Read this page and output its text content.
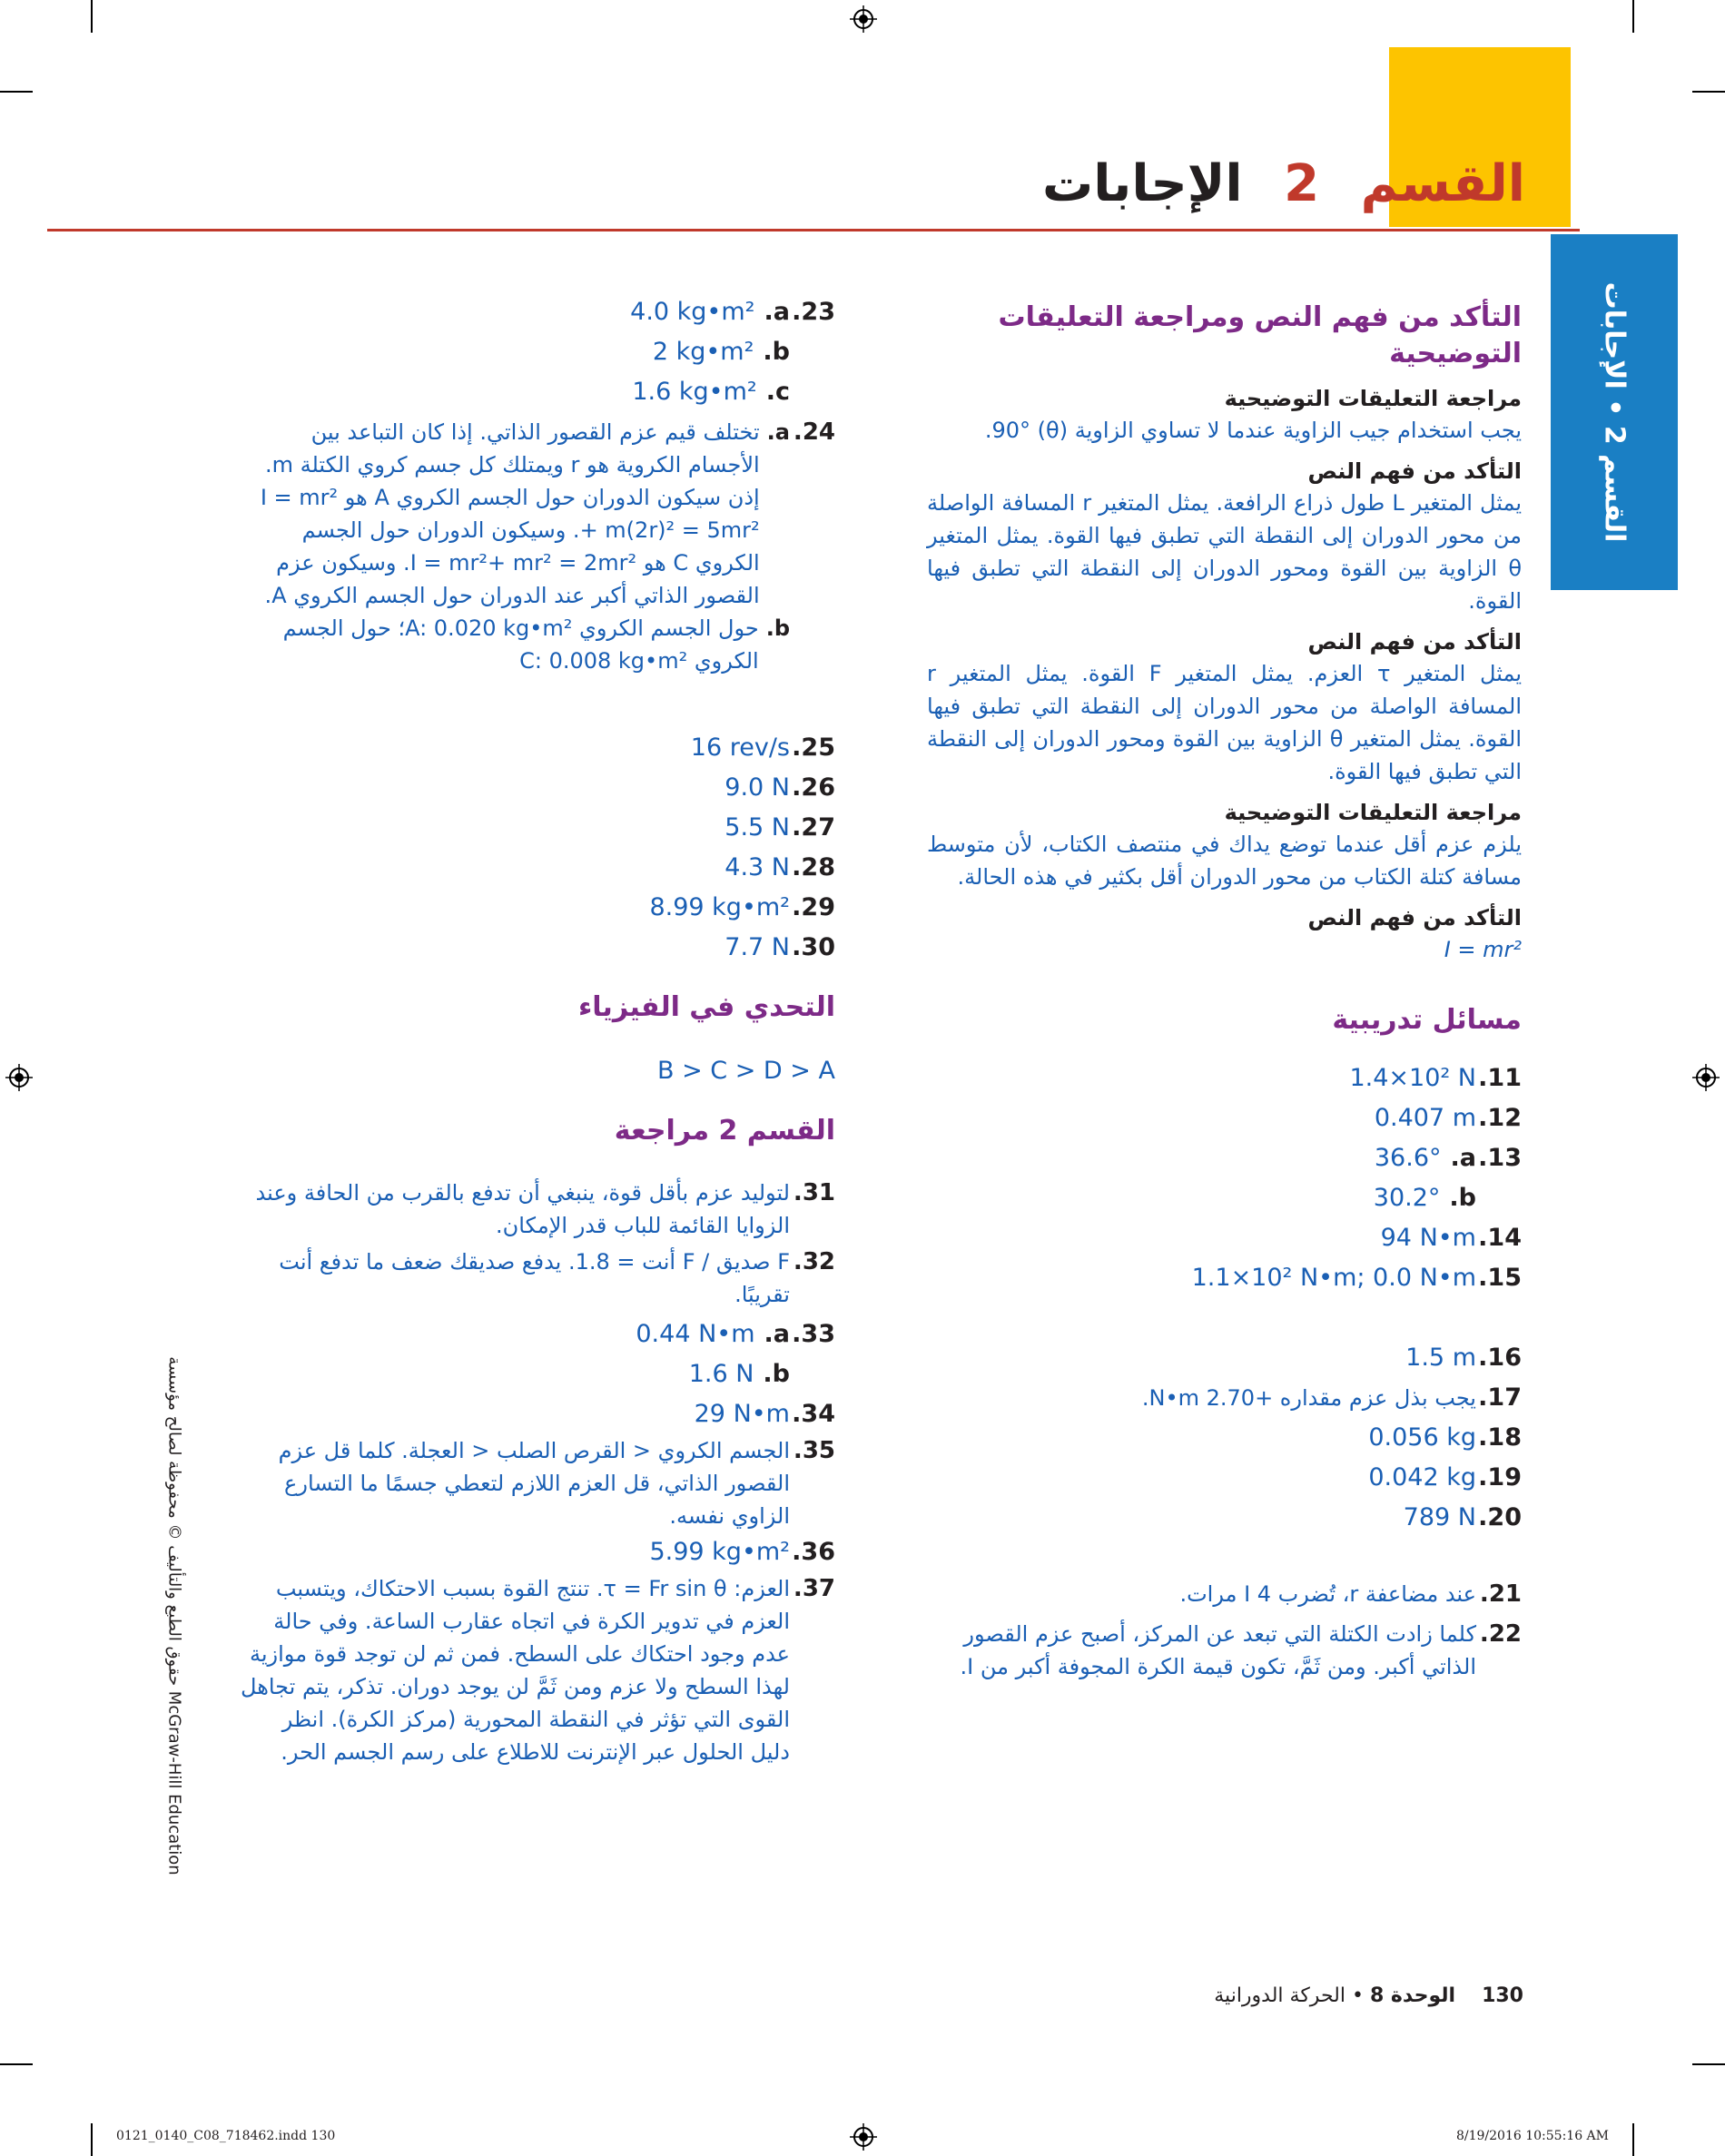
القسم 2 الإجابات
القسم 2 • الإجابات
التأكد من فهم النص ومراجعة التعليقات التوضيحية
مراجعة التعليقات التوضيحية

يجب استخدام جيب الزاوية عندما لا تساوي الزاوية (θ) 90°.

التأكد من فهم النص

يمثل المتغير L طول ذراع الرافعة. يمثل المتغير r المسافة الواصلة من محور الدوران إلى النقطة التي تطبق فيها القوة. يمثل المتغير θ الزاوية بين القوة ومحور الدوران إلى النقطة التي تطبق فيها القوة.

التأكد من فهم النص

يمثل المتغير τ العزم. يمثل المتغير F القوة. يمثل المتغير r المسافة الواصلة من محور الدوران إلى النقطة التي تطبق فيها القوة. يمثل المتغير θ الزاوية بين القوة ومحور الدوران إلى النقطة التي تطبق فيها القوة.

مراجعة التعليقات التوضيحية

يلزم عزم أقل عندما توضع يداك في منتصف الكتاب، لأن متوسط مسافة كتلة الكتاب من محور الدوران أقل بكثير في هذه الحالة.

التأكد من فهم النص

I = mr²

مسائل تدريبية
11.
1.4×10² N
12.
0.407 m
13.
a.
36.6°
b.
30.2°
14.
94 N•m
15.
1.1×10² N•m; 0.0 N•m
16.
1.5 m
17.
يجب بذل عزم مقداره +2.70 N•m.
18.
0.056 kg
19.
0.042 kg
20.
789 N
21.
عند مضاعفة r، تُضرب I 4 مرات.
22.
كلما زادت الكتلة التي تبعد عن المركز، أصبح عزم القصور الذاتي أكبر. ومن ثَمَّ، تكون قيمة الكرة المجوفة أكبر من I.
23.
a.
4.0 kg•m²
b.
2 kg•m²
c.
1.6 kg•m²
24.
a.
تختلف قيم عزم القصور الذاتي. إذا كان التباعد بين الأجسام الكروية هو r ويمتلك كل جسم كروي الكتلة m. إذن سيكون الدوران حول الجسم الكروي A هو I = mr² + m(2r)² = 5mr². وسيكون الدوران حول الجسم الكروي C هو I = mr²+ mr² = 2mr². وسيكون عزم القصور الذاتي أكبر عند الدوران حول الجسم الكروي A.
b.
حول الجسم الكروي A: 0.020 kg•m²؛ حول الجسم الكروي C: 0.008 kg•m²
25.
16 rev/s
26.
9.0 N
27.
5.5 N
28.
4.3 N
29.
8.99 kg•m²
30.
7.7 N
التحدي في الفيزياء
B > C > D > A
القسم 2 مراجعة
31.
لتوليد عزم بأقل قوة، ينبغي أن تدفع بالقرب من الحافة وعند الزوايا القائمة للباب قدر الإمكان.
32.
F صديق / F أنت = 1.8. يدفع صديقك ضعف ما تدفع أنت تقريبًا.
33.
a.
0.44 N•m
b.
1.6 N
34.
29 N•m
35.
الجسم الكروي < القرص الصلب < العجلة. كلما قل عزم القصور الذاتي، قل العزم اللازم لتعطي جسمًا ما التسارع الزاوي نفسه.
36.
5.99 kg•m²
37.
العزم: τ = Fr sin θ. تنتج القوة بسبب الاحتكاك، ويتسبب العزم في تدوير الكرة في اتجاه عقارب الساعة. وفي حالة عدم وجود احتكاك على السطح. فمن ثم لن توجد قوة موازية لهذا السطح ولا عزم ومن ثَمَّ لن يوجد دوران. تذكر، يتم تجاهل القوى التي تؤثر في النقطة المحورية (مركز الكرة). انظر دليل الحلول عبر الإنترنت للاطلاع على رسم الجسم الحر.
حقوق الطبع والتأليف © محفوظة لصالح مؤسسة McGraw-Hill Education
130 الوحدة 8 • الحركة الدورانية
0121_0140_C08_718462.indd 130	8/19/2016 10:55:16 AM
